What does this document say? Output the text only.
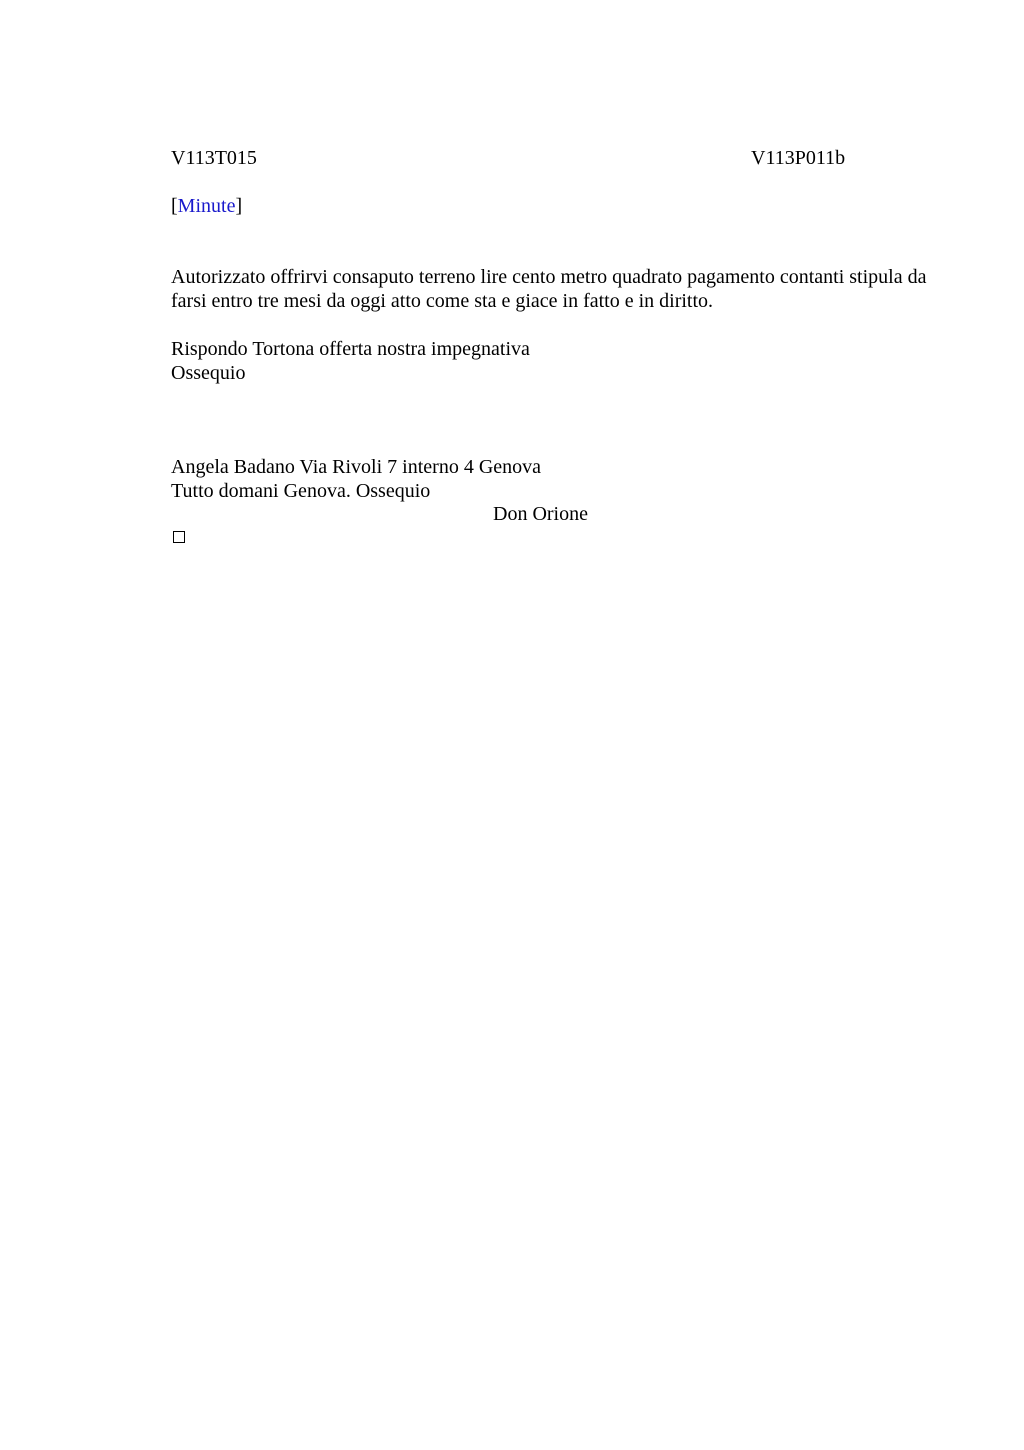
V113T015	V113P011b
[Minute]
Autorizzato offrirvi consaputo terreno lire cento metro quadrato pagamento contanti stipula da farsi entro tre mesi da oggi atto come sta e giace in fatto e in diritto.
Rispondo Tortona offerta nostra impegnativa
Ossequio
Angela Badano Via Rivoli 7 interno 4 Genova
Tutto domani Genova. Ossequio
Don Orione
